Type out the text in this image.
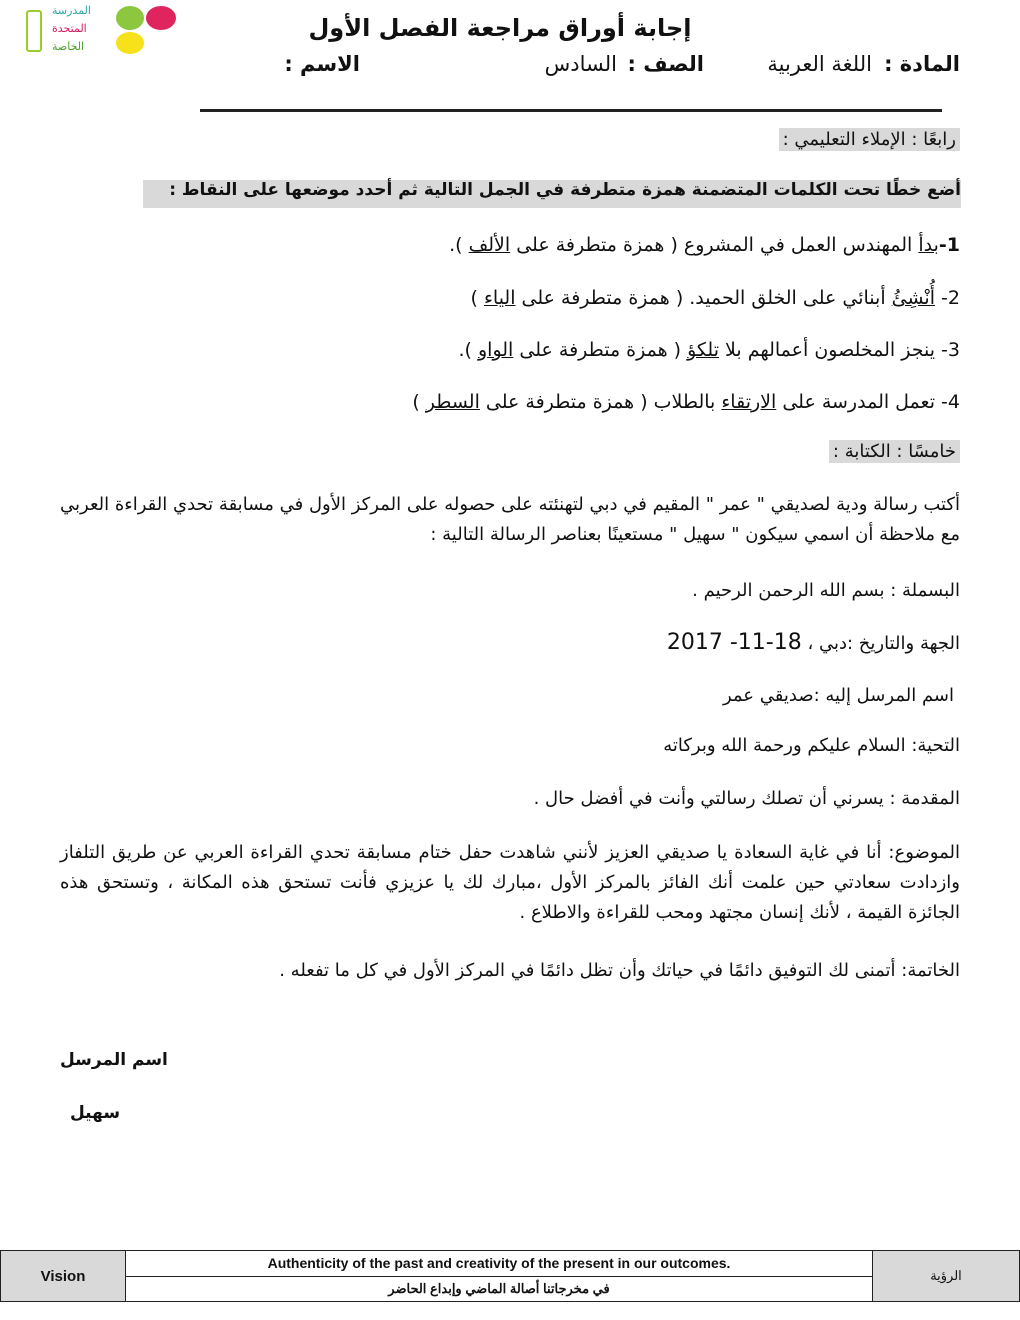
المدرسة
المتحدة
الخاصة
إجابة أوراق مراجعة الفصل الأول
المادة :
اللغة العربية
الصف :
السادس
الاسم :
رابعًا : الإملاء التعليمي :
أضع خطًا تحت الكلمات المتضمنة همزة متطرفة في الجمل التالية ثم أحدد موضعها على النقاط :
1-بدأ المهندس العمل في المشروع ( همزة متطرفة على الألف ).
2- أُنْشِئُ أبنائي على الخلق الحميد. ( همزة متطرفة على الياء )
3- ينجز المخلصون أعمالهم بلا تلكؤ ( همزة متطرفة على الواو ).
4- تعمل المدرسة على الارتقاء بالطلاب ( همزة متطرفة على السطر )
خامسًا : الكتابة :
أكتب رسالة ودية لصديقي " عمر " المقيم في دبي لتهنئته على حصوله على المركز الأول في مسابقة تحدي القراءة العربي مع ملاحظة أن اسمي سيكون " سهيل " مستعينًا بعناصر الرسالة التالية :
البسملة : بسم الله الرحمن الرحيم .
الجهة والتاريخ :دبي ، 18-11- 2017
اسم المرسل إليه :صديقي عمر
التحية: السلام عليكم ورحمة الله وبركاته
المقدمة : يسرني أن تصلك رسالتي وأنت في أفضل حال .
الموضوع: أنا في غاية السعادة يا صديقي العزيز لأنني شاهدت حفل ختام مسابقة تحدي القراءة العربي عن طريق التلفاز وازدادت سعادتي حين علمت أنك الفائز بالمركز الأول ،مبارك لك يا عزيزي فأنت تستحق هذه المكانة ، وتستحق هذه الجائزة القيمة ، لأنك إنسان مجتهد ومحب للقراءة والاطلاع .
الخاتمة: أتمنى لك التوفيق دائمًا في حياتك وأن تظل دائمًا في المركز الأول في كل ما تفعله .
اسم المرسل
سهيل
Vision	Authenticity of the past and creativity of the present in our outcomes.	الرؤية
في مخرجاتنا أصالة الماضي وإبداع الحاضر
